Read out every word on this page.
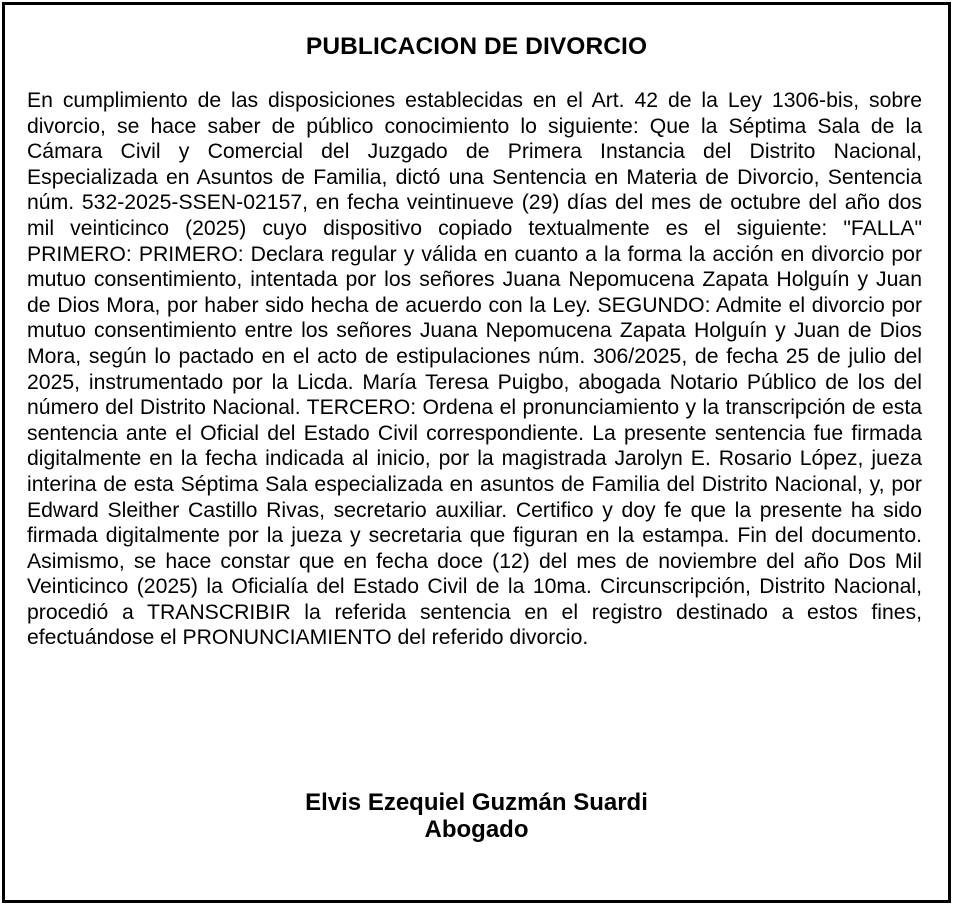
PUBLICACION DE DIVORCIO

En cumplimiento de las disposiciones establecidas en el Art. 42 de la Ley 1306-bis, sobre divorcio, se hace saber de público conocimiento lo siguiente: Que la Séptima Sala de la Cámara Civil y Comercial del Juzgado de Primera Instancia del Distrito Nacional, Especializada en Asuntos de Familia, dictó una Sentencia en Materia de Divorcio, Sentencia núm. 532-2025-SSEN-02157, en fecha veintinueve (29) días del mes de octubre del año dos mil veinticinco (2025) cuyo dispositivo copiado textualmente es el siguiente: "FALLA" PRIMERO: PRIMERO: Declara regular y válida en cuanto a la forma la acción en divorcio por mutuo consentimiento, intentada por los señores Juana Nepomucena Zapata Holguín y Juan de Dios Mora, por haber sido hecha de acuerdo con la Ley. SEGUNDO: Admite el divorcio por mutuo consentimiento entre los señores Juana Nepomucena Zapata Holguín y Juan de Dios Mora, según lo pactado en el acto de estipulaciones núm. 306/2025, de fecha 25 de julio del 2025, instrumentado por la Licda. María Teresa Puigbo, abogada Notario Público de los del número del Distrito Nacional. TERCERO: Ordena el pronunciamiento y la transcripción de esta sentencia ante el Oficial del Estado Civil correspondiente. La presente sentencia fue firmada digitalmente en la fecha indicada al inicio, por la magistrada Jarolyn E. Rosario López, jueza interina de esta Séptima Sala especializada en asuntos de Familia del Distrito Nacional, y, por Edward Sleither Castillo Rivas, secretario auxiliar. Certifico y doy fe que la presente ha sido firmada digitalmente por la jueza y secretaria que figuran en la estampa. Fin del documento. Asimismo, se hace constar que en fecha doce (12) del mes de noviembre del año Dos Mil Veinticinco (2025) la Oficialía del Estado Civil de la 10ma. Circunscripción, Distrito Nacional, procedió a TRANSCRIBIR la referida sentencia en el registro destinado a estos fines, efectuándose el PRONUNCIAMIENTO del referido divorcio.

Elvis Ezequiel Guzmán Suardi
Abogado
